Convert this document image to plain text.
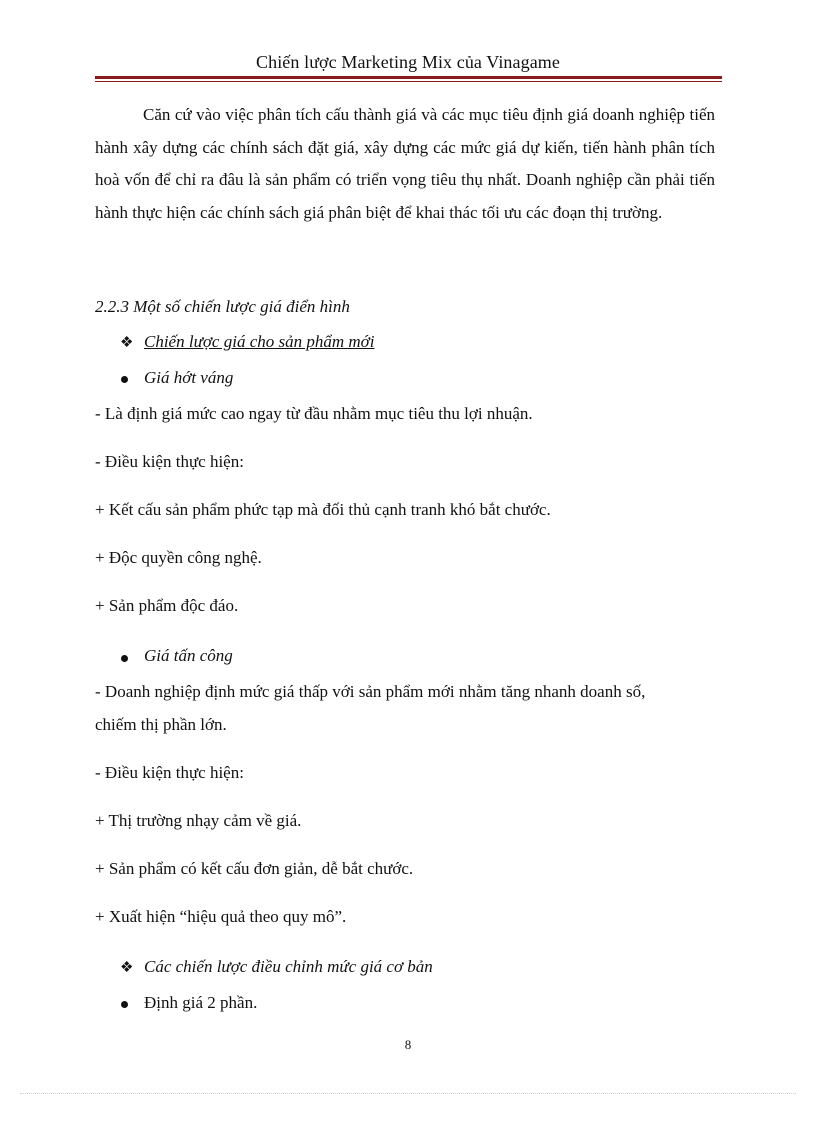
Chiến lược Marketing Mix của Vinagame
Căn cứ vào việc phân tích cấu thành giá và các mục tiêu định giá doanh nghiệp tiến hành xây dựng các chính sách đặt giá, xây dựng các mức giá dự kiến, tiến hành phân tích hoà vốn để chỉ ra đâu là sản phẩm có triển vọng tiêu thụ nhất. Doanh nghiệp cần phải tiến hành thực hiện các chính sách giá phân biệt để khai thác tối ưu các đoạn thị trường.
2.2.3 Một số chiến lược giá điển hình
❖ Chiến lược giá cho sản phẩm mới
Giá hớt váng
- Là định giá mức cao ngay từ đầu nhằm mục tiêu thu lợi nhuận.
- Điều kiện thực hiện:
+ Kết cấu sản phẩm phức tạp mà đối thủ cạnh tranh khó bắt chước.
+ Độc quyền công nghệ.
+ Sản phẩm độc đáo.
Giá tấn công
- Doanh nghiệp định mức giá thấp với sản phẩm mới nhằm tăng nhanh doanh số,
chiếm thị phần lớn.
- Điều kiện thực hiện:
+ Thị trường nhạy cảm về giá.
+ Sản phẩm có kết cấu đơn giản, dễ bắt chước.
+ Xuất hiện “hiệu quả theo quy mô”.
❖ Các chiến lược điều chỉnh mức giá cơ bản
Định giá 2 phần.
8
